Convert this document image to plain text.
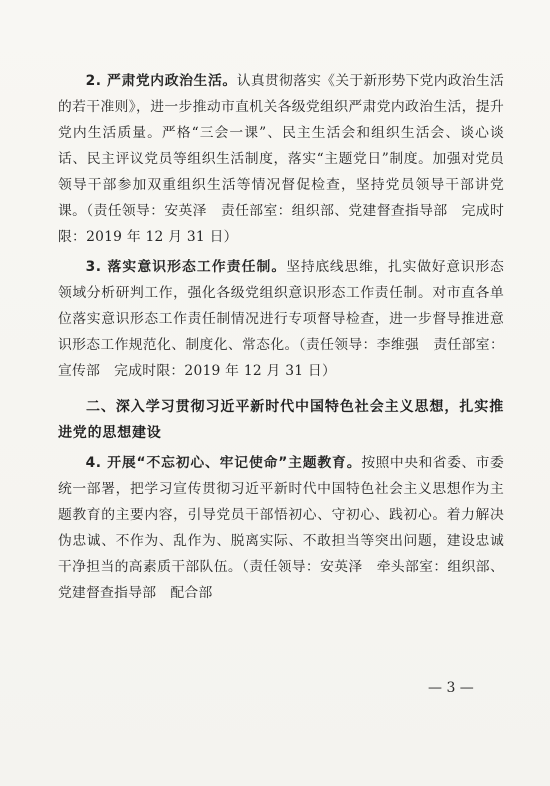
2. 严肃党内政治生活。认真贯彻落实《关于新形势下党内政治生活的若干准则》，进一步推动市直机关各级党组织严肃党内政治生活，提升党内生活质量。严格“三会一课”、民主生活会和组织生活会、谈心谈话、民主评议党员等组织生活制度，落实“主题党日”制度。加强对党员领导干部参加双重组织生活等情况督促检查，坚持党员领导干部讲党课。（责任领导：安英泽　责任部室：组织部、党建督查指导部　完成时限：2019 年 12 月 31 日）

3. 落实意识形态工作责任制。坚持底线思维，扎实做好意识形态领域分析研判工作，强化各级党组织意识形态工作责任制。对市直各单位落实意识形态工作责任制情况进行专项督导检查，进一步督导推进意识形态工作规范化、制度化、常态化。（责任领导：李维强　责任部室：宣传部　完成时限：2019 年 12 月 31 日）

二、深入学习贯彻习近平新时代中国特色社会主义思想，扎实推进党的思想建设

4. 开展“不忘初心、牢记使命”主题教育。按照中央和省委、市委统一部署，把学习宣传贯彻习近平新时代中国特色社会主义思想作为主题教育的主要内容，引导党员干部悟初心、守初心、践初心。着力解决伪忠诚、不作为、乱作为、脱离实际、不敢担当等突出问题，建设忠诚干净担当的高素质干部队伍。（责任领导：安英泽　牵头部室：组织部、党建督查指导部　配合部

— 3 —
